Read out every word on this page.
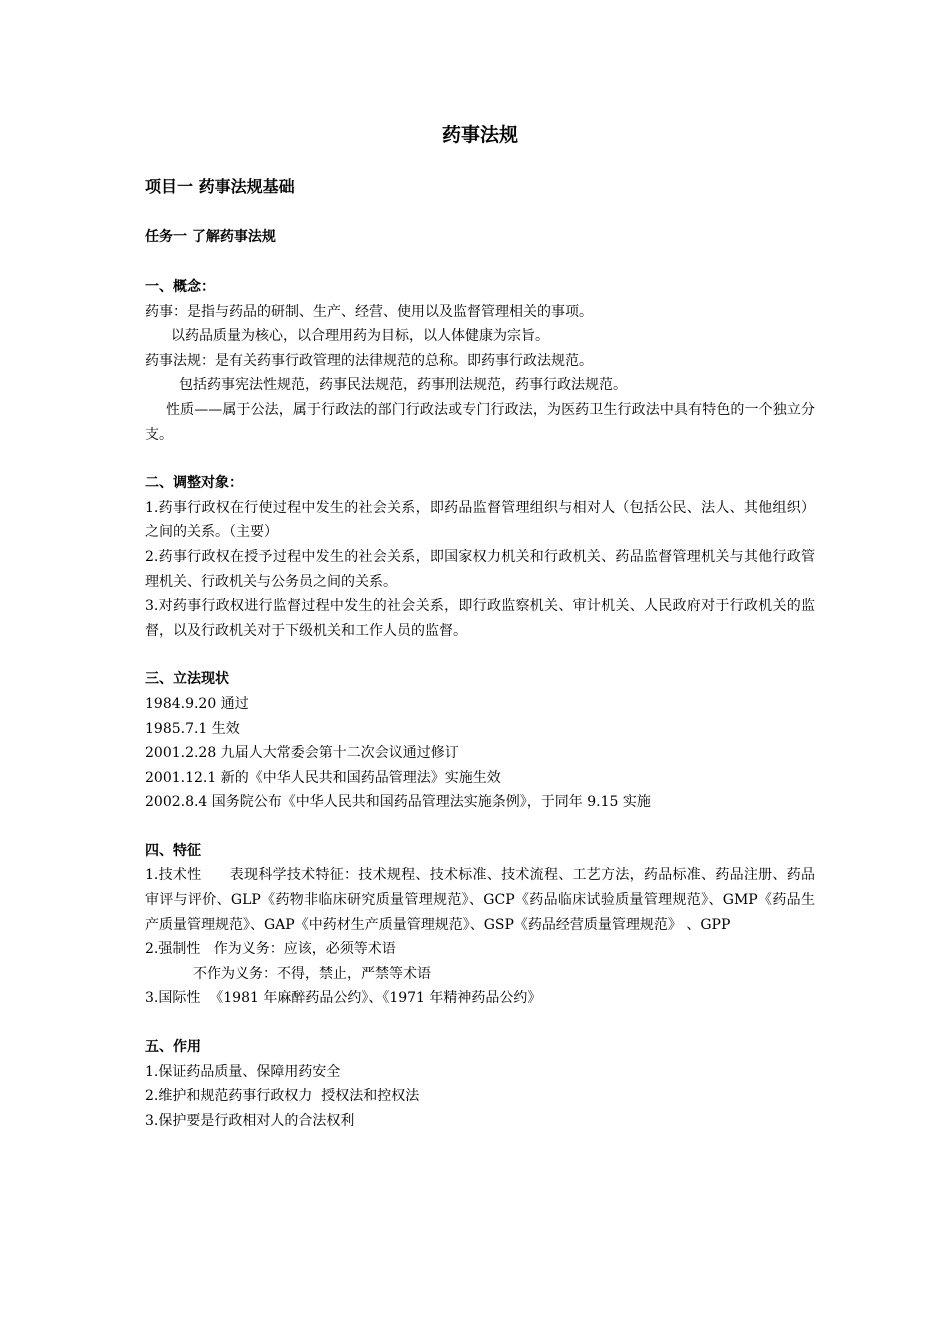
药事法规
项目一 药事法规基础
任务一 了解药事法规

一、概念：

药事：是指与药品的研制、生产、经营、使用以及监督管理相关的事项。

以药品质量为核心，以合理用药为目标，以人体健康为宗旨。

药事法规：是有关药事行政管理的法律规范的总称。即药事行政法规范。

包括药事宪法性规范，药事民法规范，药事刑法规范，药事行政法规范。

性质——属于公法，属于行政法的部门行政法或专门行政法，为医药卫生行政法中具有特色的一个独立分支。

二、调整对象：

1.药事行政权在行使过程中发生的社会关系，即药品监督管理组织与相对人（包括公民、法人、其他组织）之间的关系。（主要）

2.药事行政权在授予过程中发生的社会关系，即国家权力机关和行政机关、药品监督管理机关与其他行政管理机关、行政机关与公务员之间的关系。

3.对药事行政权进行监督过程中发生的社会关系，即行政监察机关、审计机关、人民政府对于行政机关的监督，以及行政机关对于下级机关和工作人员的监督。

三、立法现状

1984.9.20 通过

1985.7.1 生效

2001.2.28 九届人大常委会第十二次会议通过修订

2001.12.1 新的《中华人民共和国药品管理法》实施生效

2002.8.4 国务院公布《中华人民共和国药品管理法实施条例》，于同年 9.15 实施

四、特征

1.技术性 表现科学技术特征：技术规程、技术标准、技术流程、工艺方法，药品标准、药品注册、药品审评与评价、GLP《药物非临床研究质量管理规范》、GCP《药品临床试验质量管理规范》、GMP《药品生产质量管理规范》、GAP《中药材生产质量管理规范》、GSP《药品经营质量管理规范》 、GPP

2.强制性   作为义务：应该，必须等术语

不作为义务：不得，禁止，严禁等术语

3.国际性  《1981 年麻醉药品公约》、《1971 年精神药品公约》

五、作用

1.保证药品质量、保障用药安全

2.维护和规范药事行政权力  授权法和控权法

3.保护要是行政相对人的合法权利
